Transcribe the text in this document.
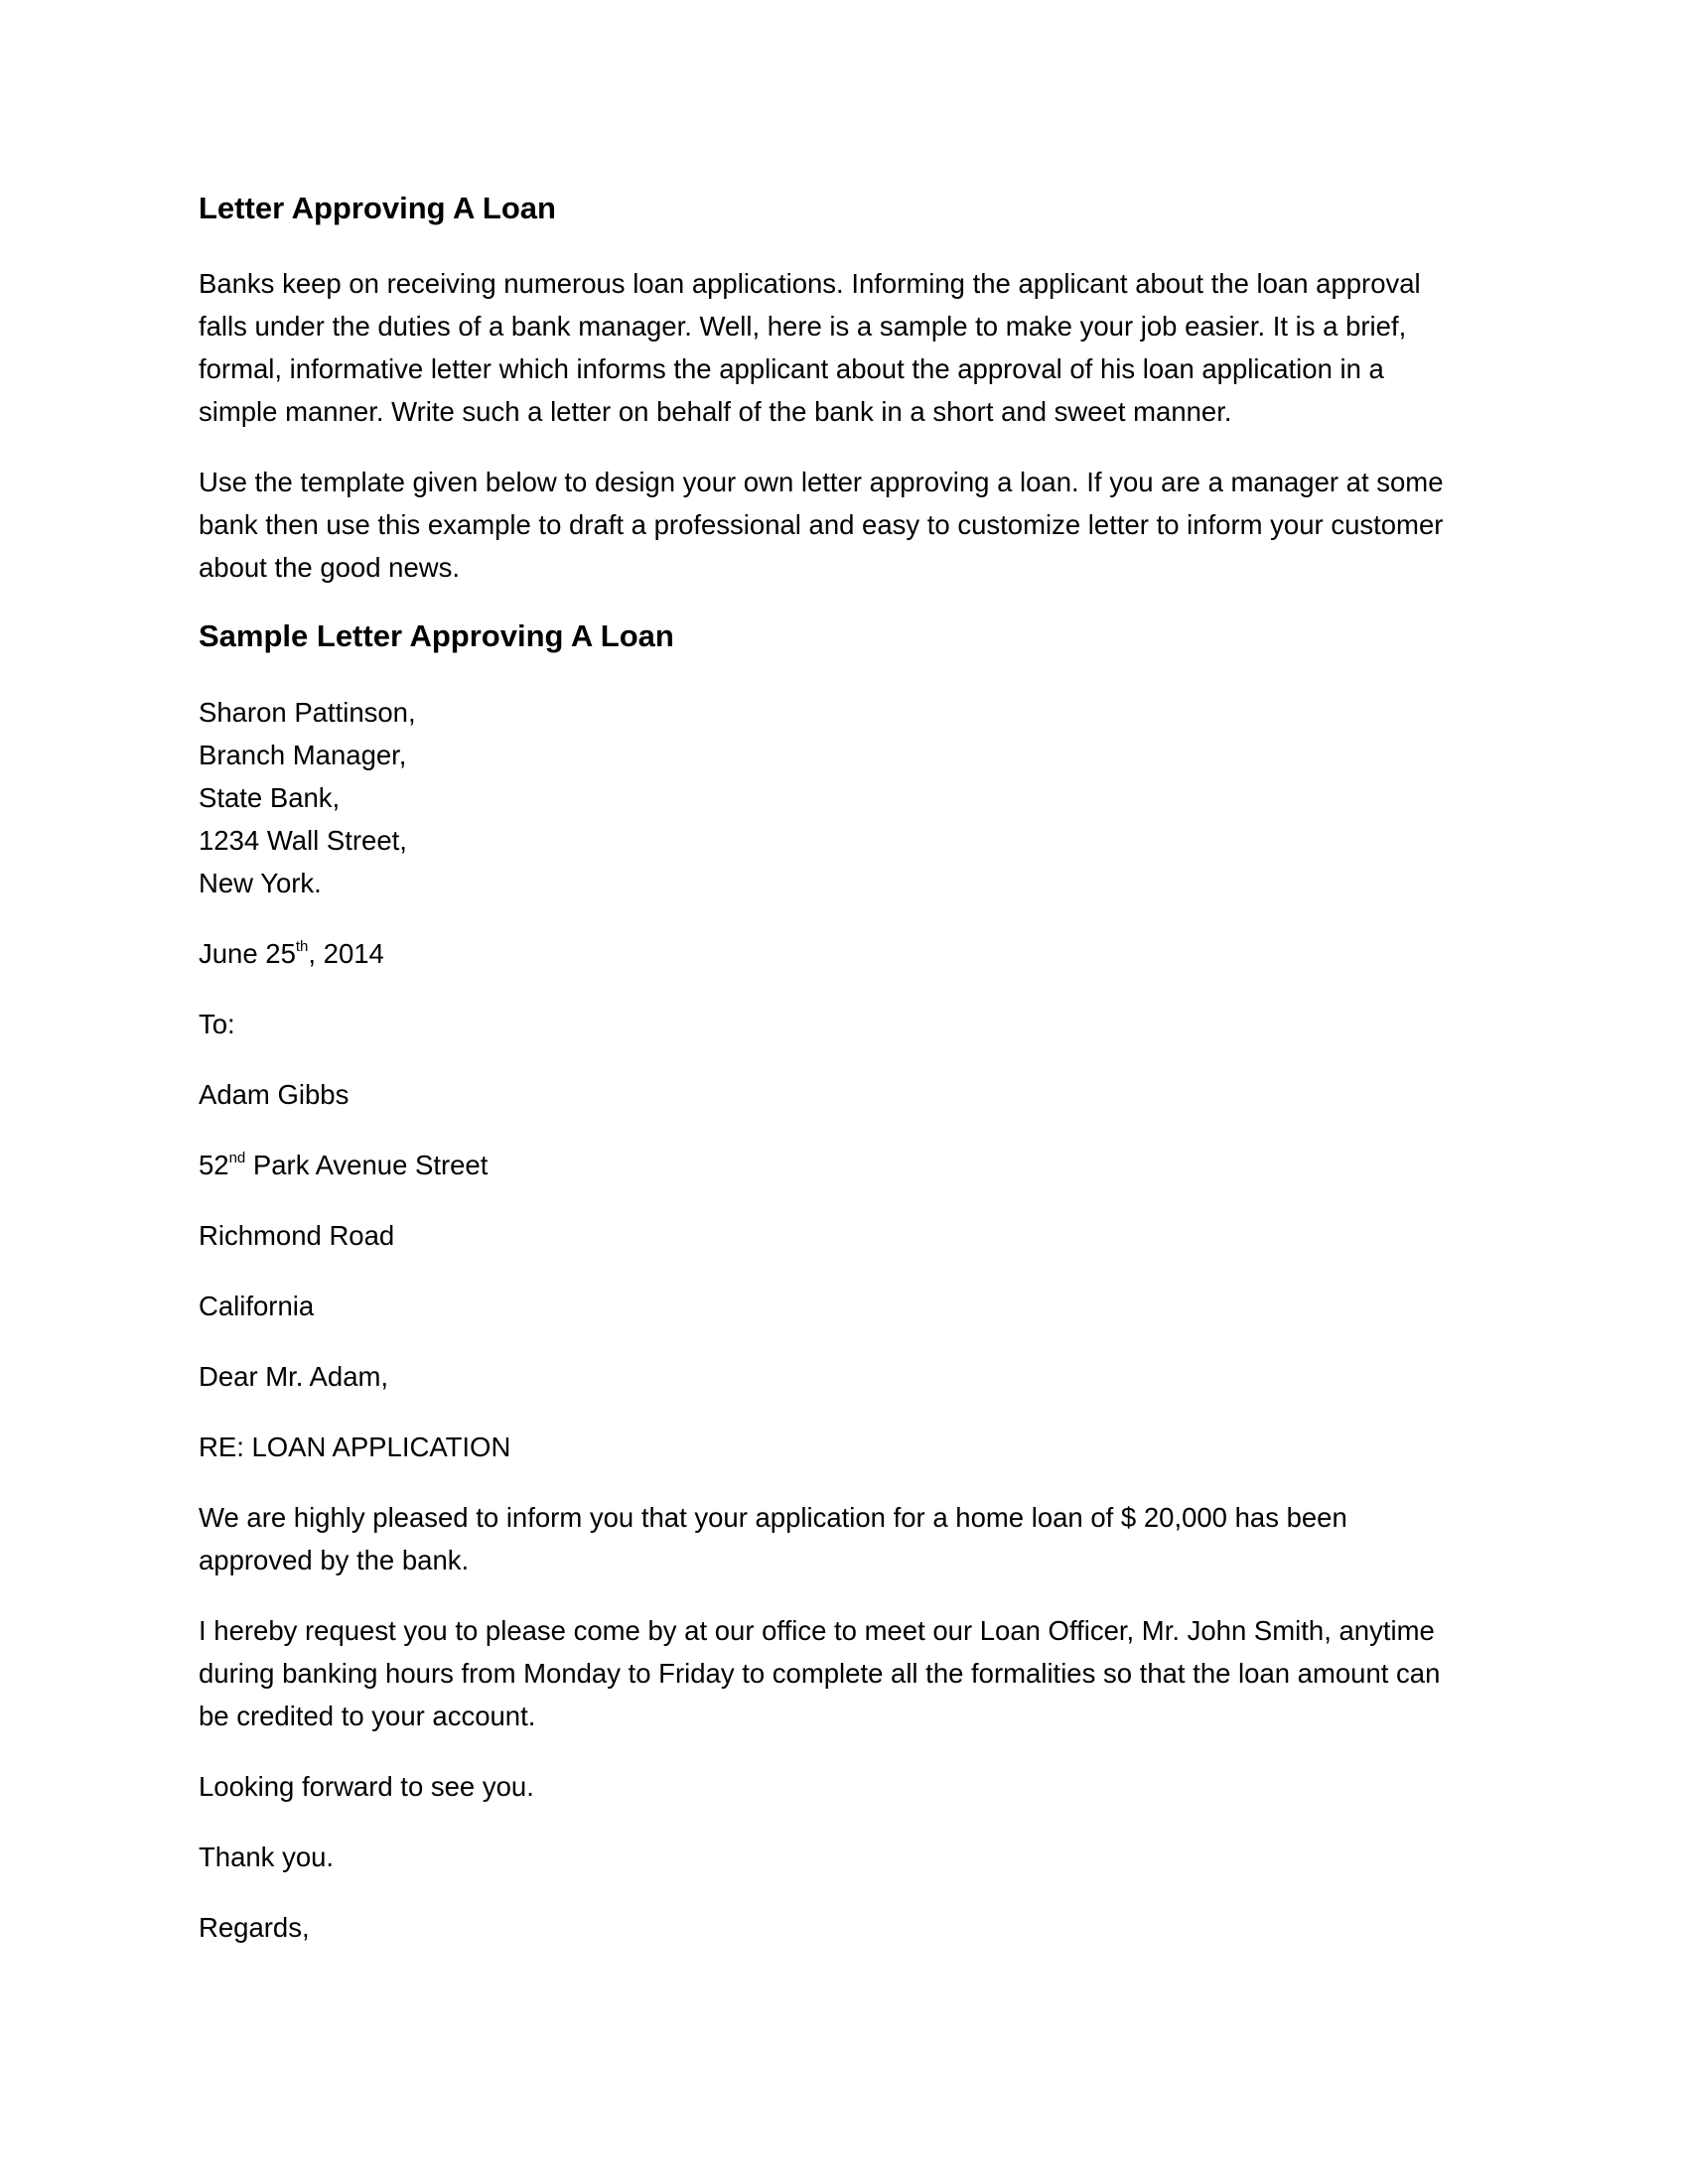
Letter Approving A Loan

Banks keep on receiving numerous loan applications. Informing the applicant about the loan approval
falls under the duties of a bank manager. Well, here is a sample to make your job easier. It is a brief,
formal, informative letter which informs the applicant about the approval of his loan application in a
simple manner. Write such a letter on behalf of the bank in a short and sweet manner.

Use the template given below to design your own letter approving a loan. If you are a manager at some
bank then use this example to draft a professional and easy to customize letter to inform your customer
about the good news.

Sample Letter Approving A Loan
Sharon Pattinson,
Branch Manager,
State Bank,
1234 Wall Street,
New York.

June 25th, 2014

To:

Adam Gibbs

52nd Park Avenue Street

Richmond Road

California

Dear Mr. Adam,

RE: LOAN APPLICATION

We are highly pleased to inform you that your application for a home loan of $ 20,000 has been
approved by the bank.

I hereby request you to please come by at our office to meet our Loan Officer, Mr. John Smith, anytime
during banking hours from Monday to Friday to complete all the formalities so that the loan amount can
be credited to your account.

Looking forward to see you.

Thank you.

Regards,
